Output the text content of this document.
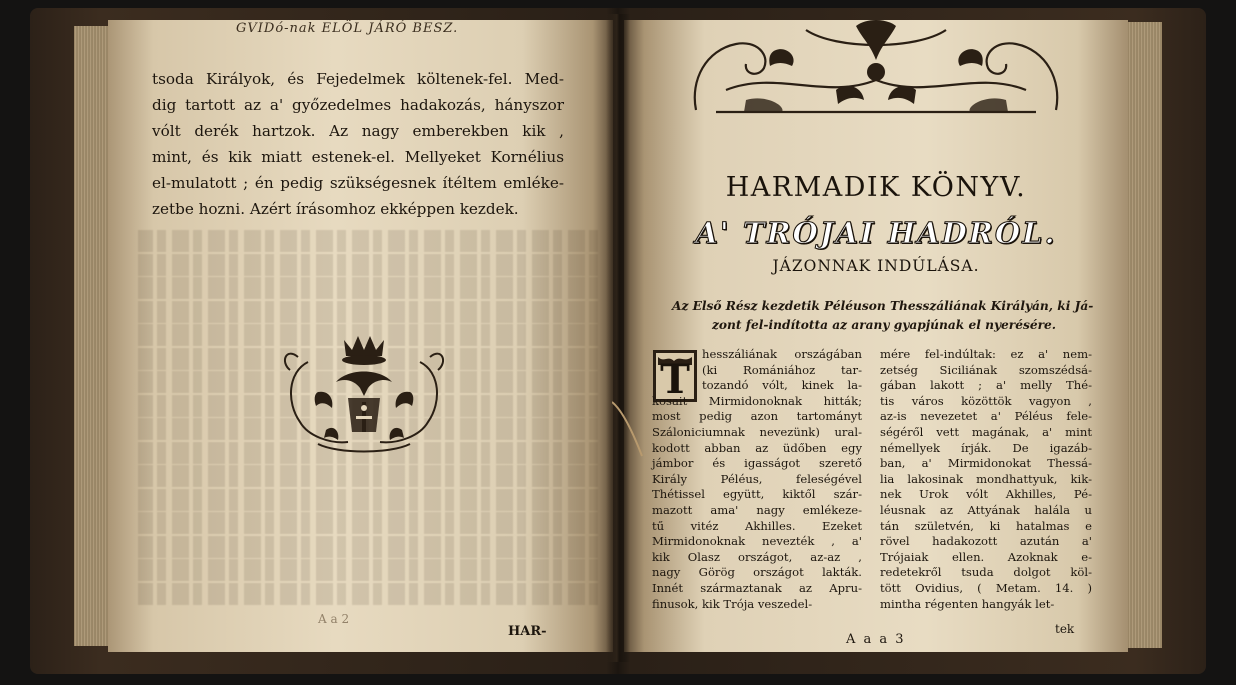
GVIDó-nak ELÖL JÁRÓ BESZ.
tsoda Királyok, és Fejedelmek költenek-fel. Med-
dig tartott az a' győzedelmes hadakozás, hányszor
vólt derék hartzok. Az nagy emberekben kik ,
mint, és kik miatt estenek-el. Mellyeket Kornélius
el-mulatott ; én pedig szükségesnek ítéltem emléke-
zetbe hozni. Azért írásomhoz ekképpen kezdek.
A a 2
HAR-
HARMADIK KÖNYV.
A' TRÓJAI HADRÓL.
JÁZONNAK INDÚLÁSA.
Az Első Rész kezdetik Péléuson Thesszáliának Királyán, ki Já-
zont fel-indította az arany gyapjúnak el nyerésére.
T
hesszáliának országában
(ki Romániához tar-
tozandó vólt, kinek la-
kosait Mirmidonoknak hitták;
most pedig azon tartományt
Száloniciumnak nevezünk) ural-
kodott abban az üdőben egy
jámbor és igasságot szerető
Király Péléus, feleségével
Thétissel együtt, kiktől szár-
mazott ama' nagy emlékeze-
tű vitéz Akhilles. Ezeket
Mirmidonoknak nevezték , a'
kik Olasz országot, az-az ,
nagy Görög országot lakták.
Innét származtanak az Apru-
finusok, kik Trója veszedel-
mére fel-indúltak: ez a' nem-
zetség Siciliának szomszédsá-
gában lakott ; a' melly Thé-
tis város közöttök vagyon ,
az-is nevezetet a' Péléus fele-
ségéről vett magának, a' mint
némellyek írják. De igazáb-
ban, a' Mirmidonokat Thessá-
lia lakosinak mondhattyuk, kik-
nek Urok vólt Akhilles, Pé-
léusnak az Attyának halála u
tán születvén, ki hatalmas e
rövel hadakozott azután a'
Trójaiak ellen. Azoknak e-
redetekről tsuda dolgot köl-
tött Ovidius, ( Metam. 14. )
mintha régenten hangyák let-
A a a 3
tek
